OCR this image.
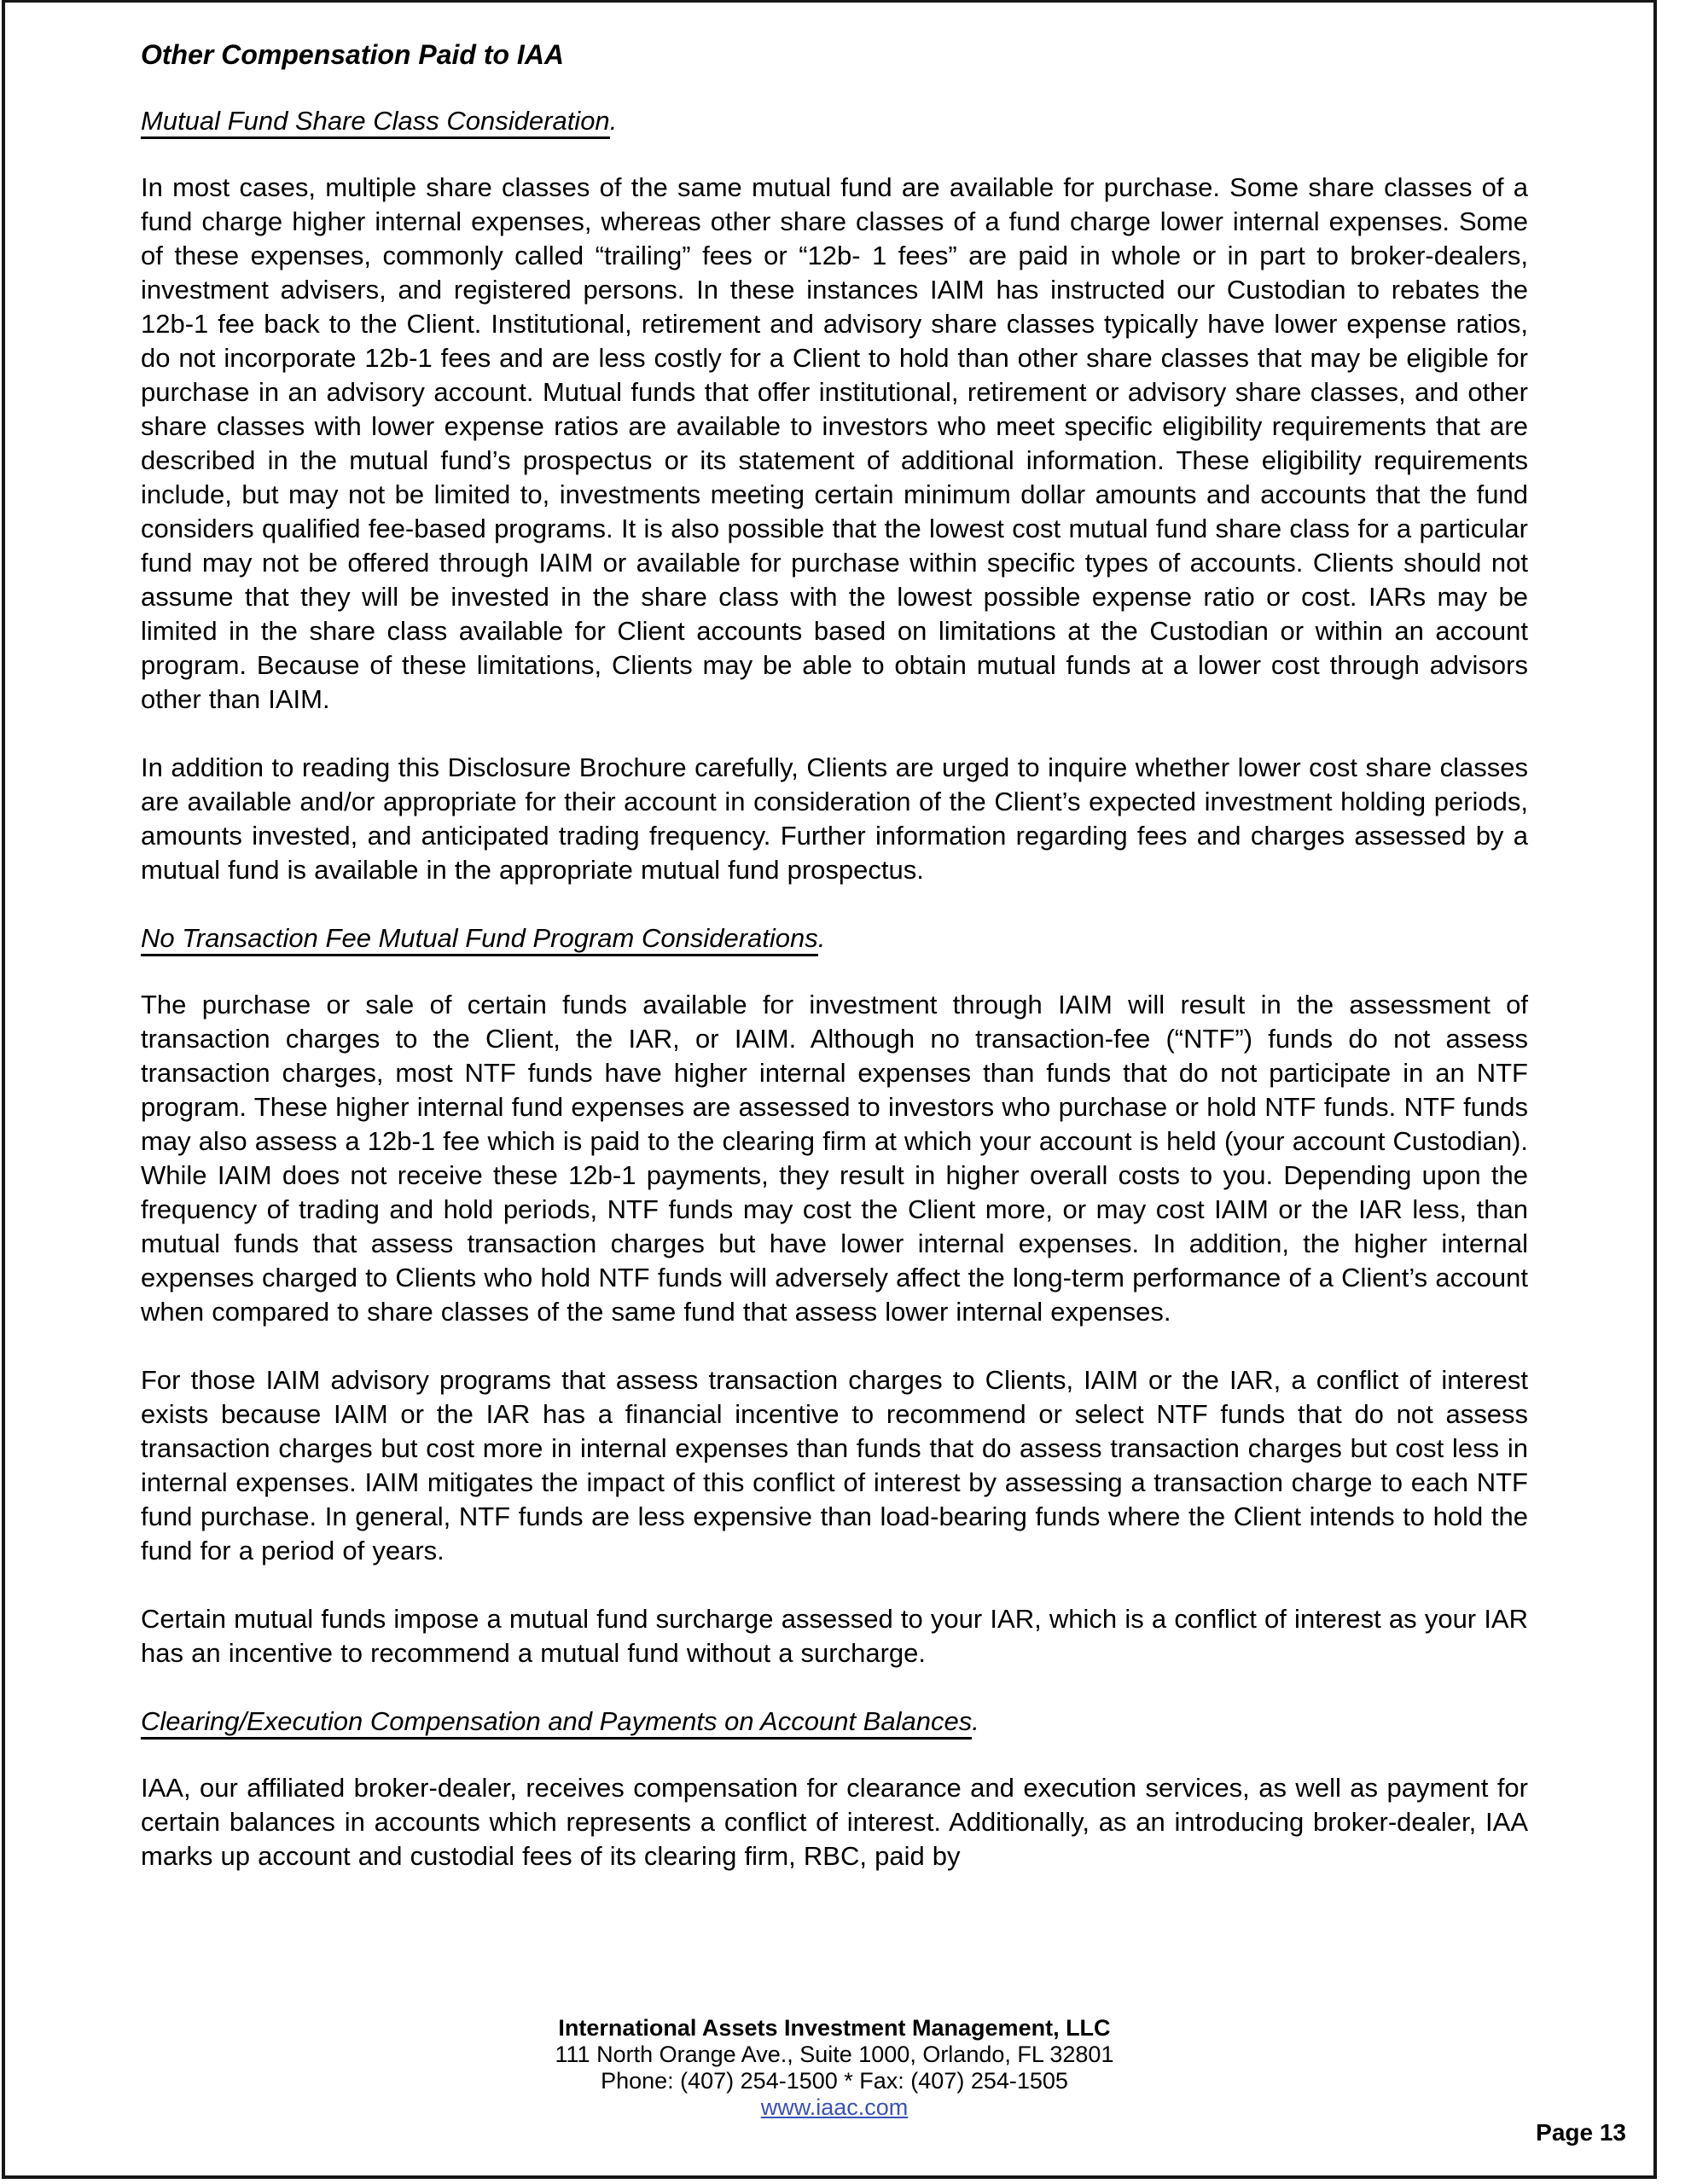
Other Compensation Paid to IAA
Mutual Fund Share Class Consideration.

In most cases, multiple share classes of the same mutual fund are available for purchase. Some share classes of a fund charge higher internal expenses, whereas other share classes of a fund charge lower internal expenses. Some of these expenses, commonly called “trailing” fees or “12b- 1 fees” are paid in whole or in part to broker-dealers, investment advisers, and registered persons. In these instances IAIM has instructed our Custodian to rebates the 12b-1 fee back to the Client. Institutional, retirement and advisory share classes typically have lower expense ratios, do not incorporate 12b-1 fees and are less costly for a Client to hold than other share classes that may be eligible for purchase in an advisory account. Mutual funds that offer institutional, retirement or advisory share classes, and other share classes with lower expense ratios are available to investors who meet specific eligibility requirements that are described in the mutual fund’s prospectus or its statement of additional information. These eligibility requirements include, but may not be limited to, investments meeting certain minimum dollar amounts and accounts that the fund considers qualified fee-based programs. It is also possible that the lowest cost mutual fund share class for a particular fund may not be offered through IAIM or available for purchase within specific types of accounts. Clients should not assume that they will be invested in the share class with the lowest possible expense ratio or cost. IARs may be limited in the share class available for Client accounts based on limitations at the Custodian or within an account program. Because of these limitations, Clients may be able to obtain mutual funds at a lower cost through advisors other than IAIM.

In addition to reading this Disclosure Brochure carefully, Clients are urged to inquire whether lower cost share classes are available and/or appropriate for their account in consideration of the Client’s expected investment holding periods, amounts invested, and anticipated trading frequency. Further information regarding fees and charges assessed by a mutual fund is available in the appropriate mutual fund prospectus.

No Transaction Fee Mutual Fund Program Considerations.

The purchase or sale of certain funds available for investment through IAIM will result in the assessment of transaction charges to the Client, the IAR, or IAIM. Although no transaction-fee (“NTF”) funds do not assess transaction charges, most NTF funds have higher internal expenses than funds that do not participate in an NTF program. These higher internal fund expenses are assessed to investors who purchase or hold NTF funds. NTF funds may also assess a 12b-1 fee which is paid to the clearing firm at which your account is held (your account Custodian). While IAIM does not receive these 12b-1 payments, they result in higher overall costs to you. Depending upon the frequency of trading and hold periods, NTF funds may cost the Client more, or may cost IAIM or the IAR less, than mutual funds that assess transaction charges but have lower internal expenses. In addition, the higher internal expenses charged to Clients who hold NTF funds will adversely affect the long-term performance of a Client’s account when compared to share classes of the same fund that assess lower internal expenses.

For those IAIM advisory programs that assess transaction charges to Clients, IAIM or the IAR, a conflict of interest exists because IAIM or the IAR has a financial incentive to recommend or select NTF funds that do not assess transaction charges but cost more in internal expenses than funds that do assess transaction charges but cost less in internal expenses. IAIM mitigates the impact of this conflict of interest by assessing a transaction charge to each NTF fund purchase. In general, NTF funds are less expensive than load-bearing funds where the Client intends to hold the fund for a period of years.

Certain mutual funds impose a mutual fund surcharge assessed to your IAR, which is a conflict of interest as your IAR has an incentive to recommend a mutual fund without a surcharge.

Clearing/Execution Compensation and Payments on Account Balances.

IAA, our affiliated broker-dealer, receives compensation for clearance and execution services, as well as payment for certain balances in accounts which represents a conflict of interest. Additionally, as an introducing broker-dealer, IAA marks up account and custodial fees of its clearing firm, RBC, paid by

International Assets Investment Management, LLC
111 North Orange Ave., Suite 1000, Orlando, FL 32801
Phone: (407) 254-1500 * Fax: (407) 254-1505
www.iaac.com
Page 13
